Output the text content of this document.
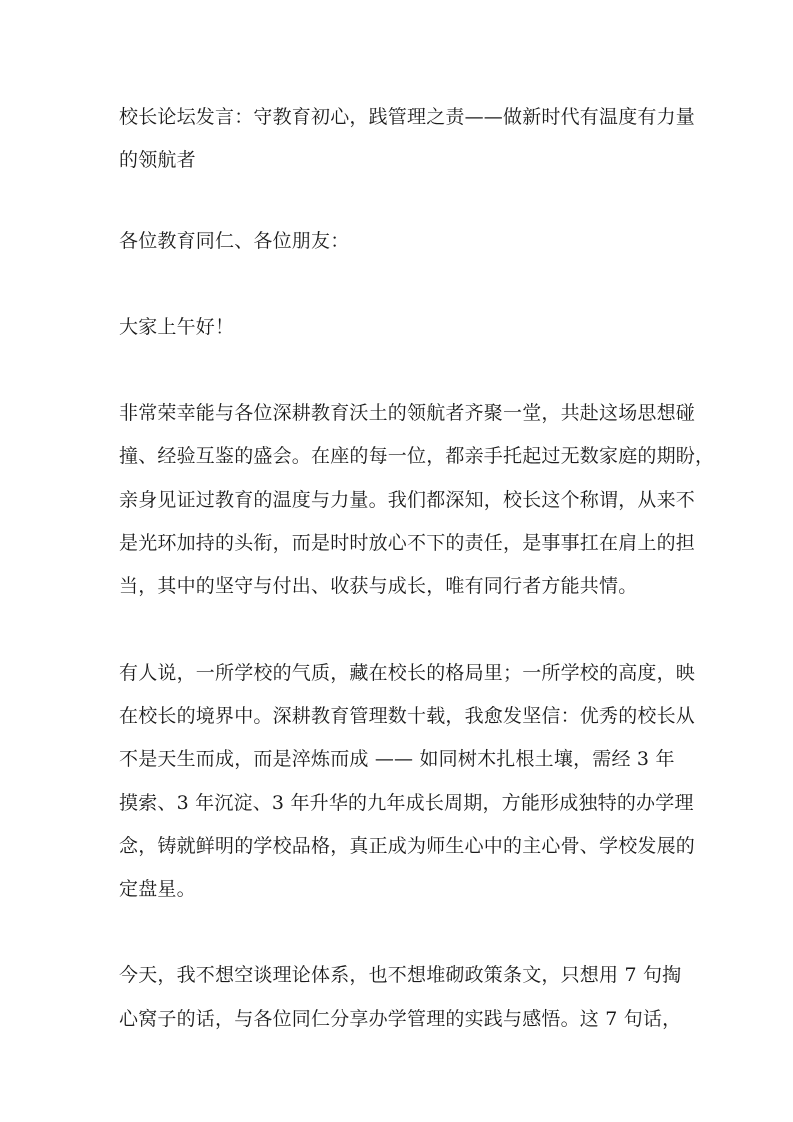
校长论坛发言：守教育初心，践管理之责——做新时代有温度有力量
的领航者
各位教育同仁、各位朋友：
大家上午好！
非常荣幸能与各位深耕教育沃土的领航者齐聚一堂，共赴这场思想碰
撞、经验互鉴的盛会。在座的每一位，都亲手托起过无数家庭的期盼，
亲身见证过教育的温度与力量。我们都深知，校长这个称谓，从来不
是光环加持的头衔，而是时时放心不下的责任，是事事扛在肩上的担
当，其中的坚守与付出、收获与成长，唯有同行者方能共情。
有人说，一所学校的气质，藏在校长的格局里；一所学校的高度，映
在校长的境界中。深耕教育管理数十载，我愈发坚信：优秀的校长从
不是天生而成，而是淬炼而成 —— 如同树木扎根土壤，需经 3 年
摸索、3 年沉淀、3 年升华的九年成长周期，方能形成独特的办学理
念，铸就鲜明的学校品格，真正成为师生心中的主心骨、学校发展的
定盘星。
今天，我不想空谈理论体系，也不想堆砌政策条文，只想用 7 句掏
心窝子的话，与各位同仁分享办学管理的实践与感悟。这 7 句话，
